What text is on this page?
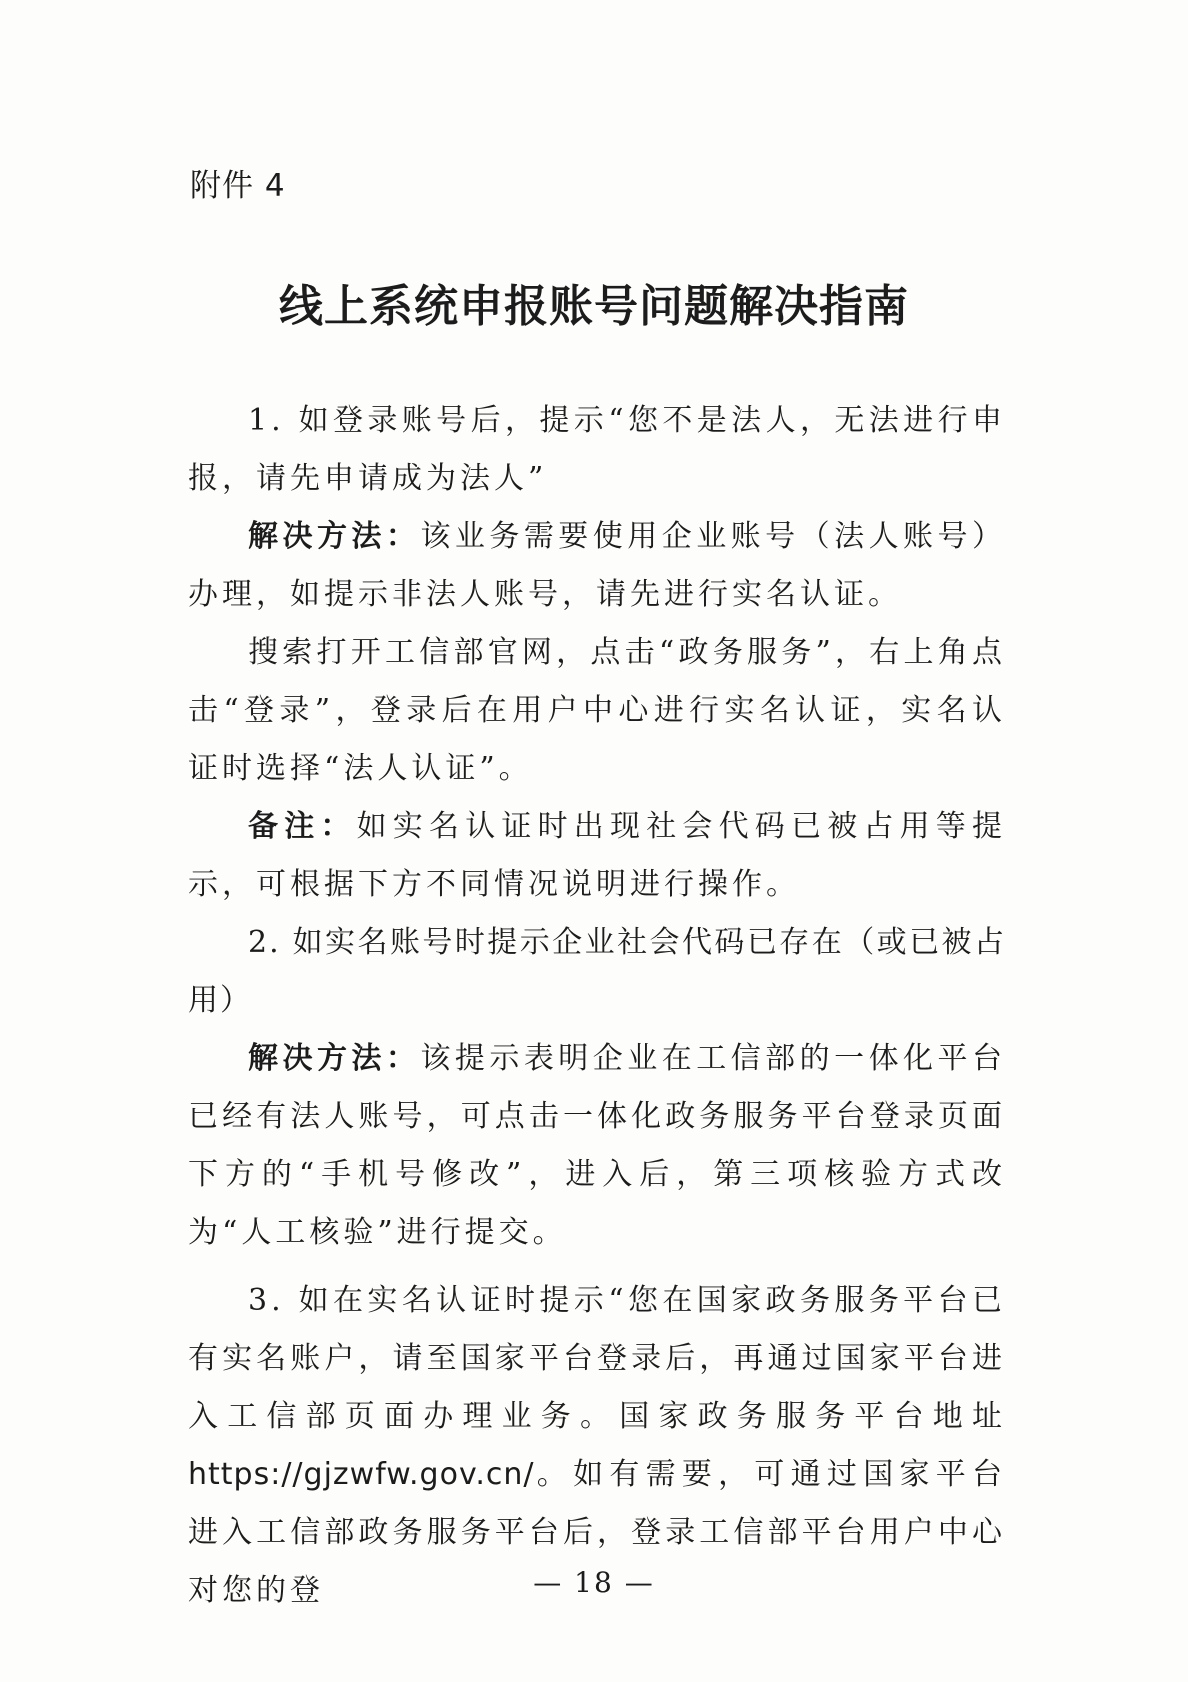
附件 4
线上系统申报账号问题解决指南

1. 如登录账号后，提示“您不是法人，无法进行申报，请先申请成为法人”

解决方法：该业务需要使用企业账号（法人账号）办理，如提示非法人账号，请先进行实名认证。

搜索打开工信部官网，点击“政务服务”，右上角点击“登录”，登录后在用户中心进行实名认证，实名认证时选择“法人认证”。

备注：如实名认证时出现社会代码已被占用等提示，可根据下方不同情况说明进行操作。

2. 如实名账号时提示企业社会代码已存在（或已被占用）

解决方法：该提示表明企业在工信部的一体化平台已经有法人账号，可点击一体化政务服务平台登录页面下方的“手机号修改”，进入后，第三项核验方式改为“人工核验”进行提交。

3. 如在实名认证时提示“您在国家政务服务平台已有实名账户，请至国家平台登录后，再通过国家平台进入工信部页面办理业务。国家政务服务平台地址https://gjzwfw.gov.cn/。如有需要，可通过国家平台进入工信部政务服务平台后，登录工信部平台用户中心对您的登	— 18 —
